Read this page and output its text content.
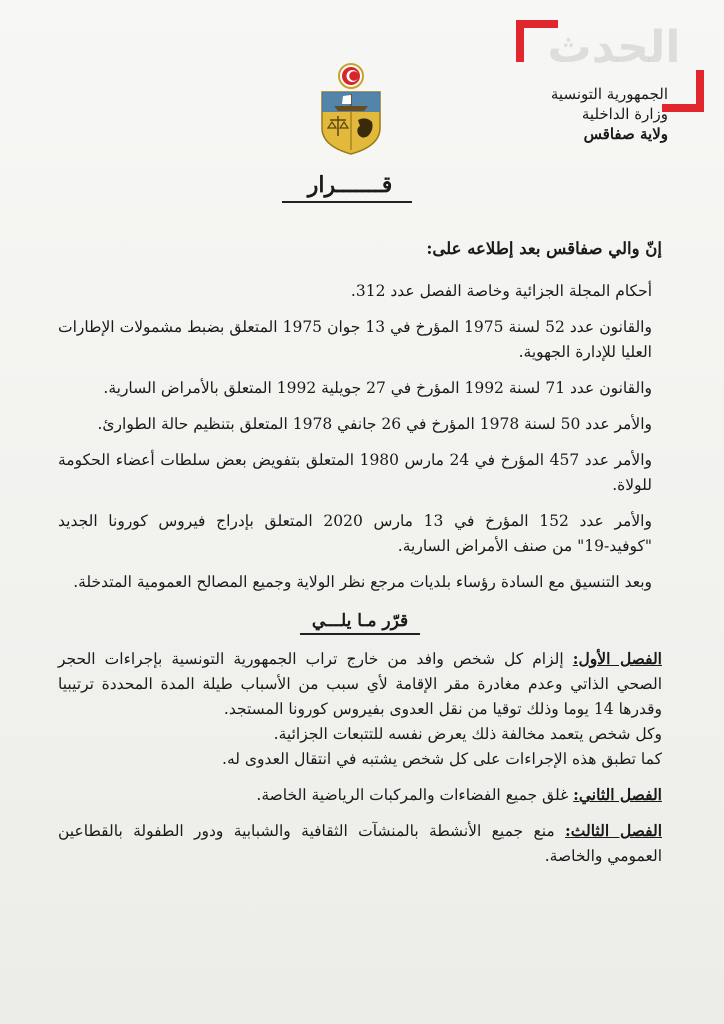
الحدث
الجمهورية التونسية
وزارة الداخلية
ولاية صفاقس
قـــــــرار

إنّ والي صفاقس بعد إطلاعه على:

أحكام المجلة الجزائية وخاصة الفصل عدد 312.

والقانون عدد 52 لسنة 1975 المؤرخ في 13 جوان 1975 المتعلق بضبط مشمولات الإطارات العليا للإدارة الجهوية.

والقانون عدد 71 لسنة 1992 المؤرخ في 27 جويلية 1992 المتعلق بالأمراض السارية.

والأمر عدد 50 لسنة 1978 المؤرخ في 26 جانفي 1978 المتعلق بتنظيم حالة الطوارئ.

والأمر عدد 457 المؤرخ في 24 مارس 1980 المتعلق بتفويض بعض سلطات أعضاء الحكومة للولاة.

والأمر عدد 152 المؤرخ في 13 مارس 2020 المتعلق بإدراج فيروس كورونا الجديد "كوفيد-19" من صنف الأمراض السارية.

وبعد التنسيق مع السادة رؤساء بلديات مرجع نظر الولاية وجميع المصالح العمومية المتدخلة.

قرّر مـا يلـــي
الفصل الأول: إلزام كل شخص وافد من خارج تراب الجمهورية التونسية بإجراءات الحجر الصحي الذاتي وعدم مغادرة مقر الإقامة لأي سبب من الأسباب طيلة المدة المحددة ترتيبيا وقدرها 14 يوما وذلك توقيا من نقل العدوى بفيروس كورونا المستجد.
وكل شخص يتعمد مخالفة ذلك يعرض نفسه للتتبعات الجزائية.
كما تطبق هذه الإجراءات على كل شخص يشتبه في انتقال العدوى له.
الفصل الثاني: غلق جميع الفضاءات والمركبات الرياضية الخاصة.
الفصل الثالث: منع جميع الأنشطة بالمنشآت الثقافية والشبابية ودور الطفولة بالقطاعين العمومي والخاصة.
